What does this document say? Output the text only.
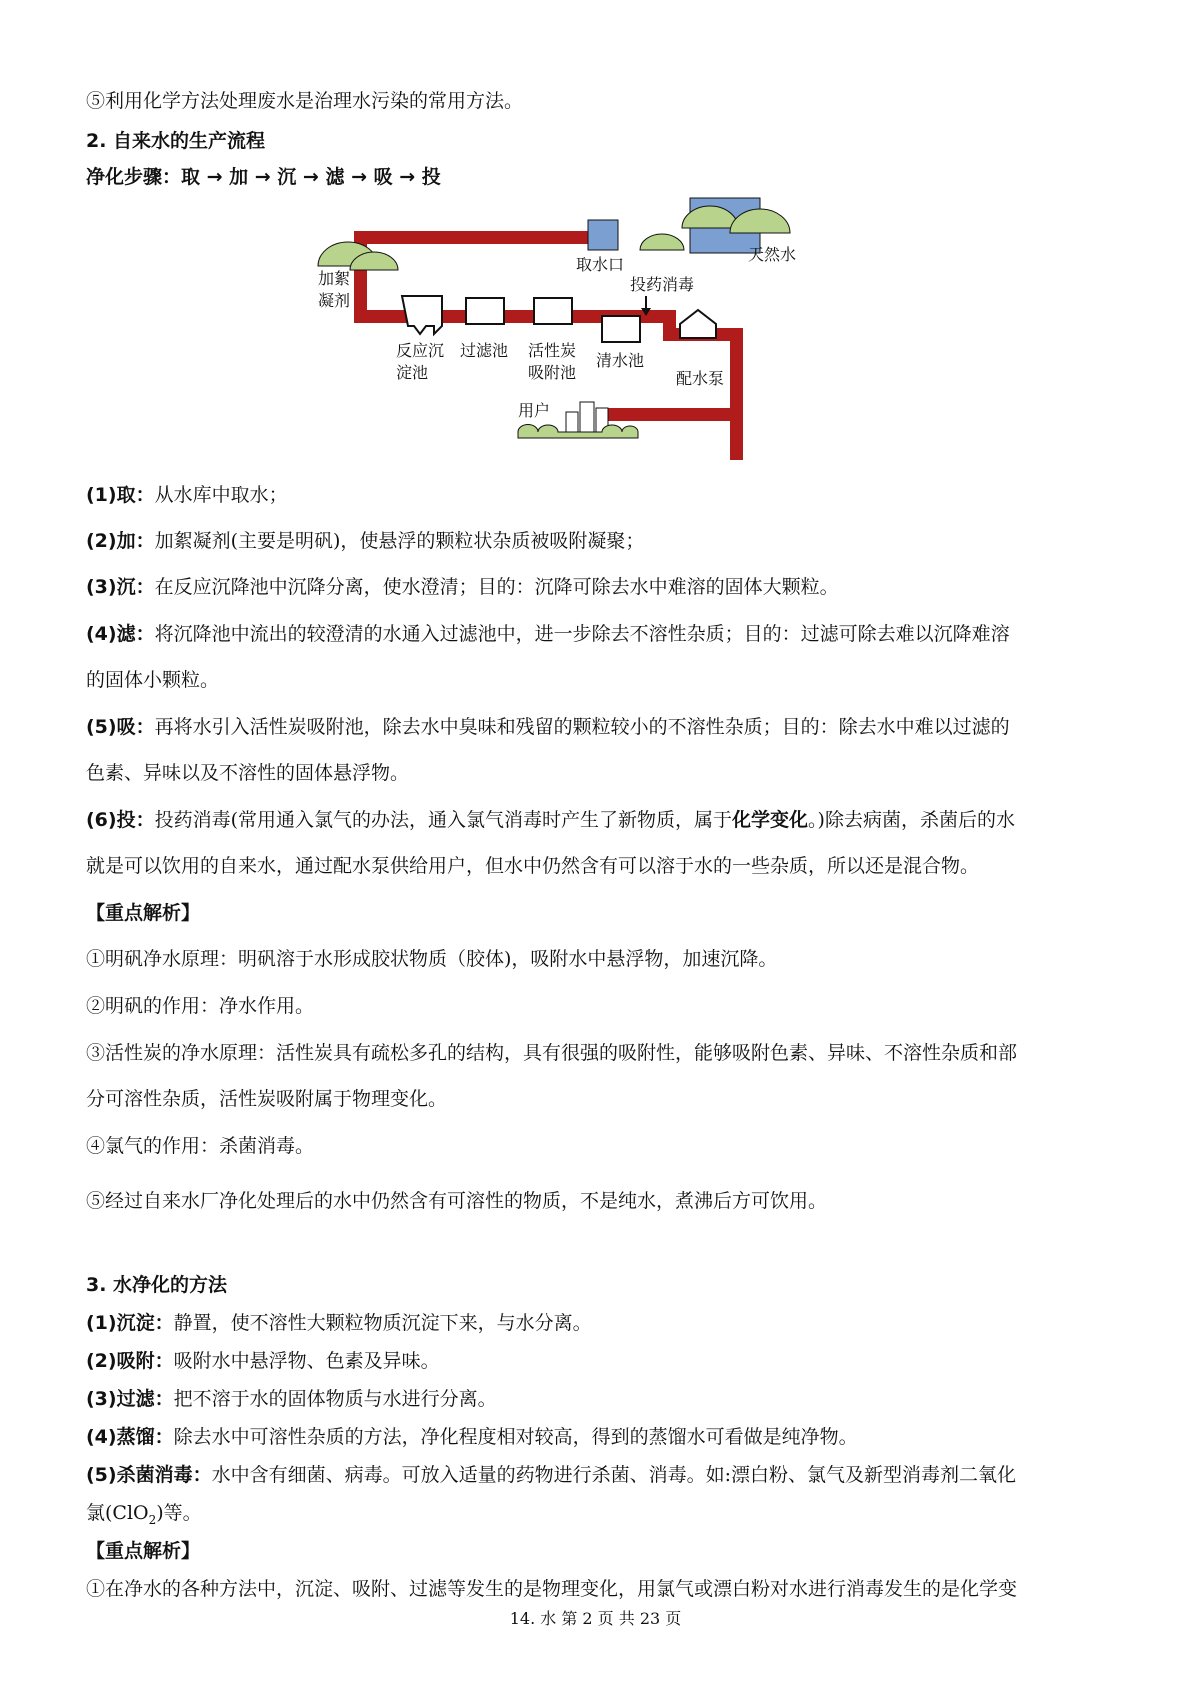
⑤利用化学方法处理废水是治理水污染的常用方法。
2. 自来水的生产流程
净化步骤：取 → 加 → 沉 → 滤 → 吸 → 投
天然水
取水口
加絮
凝剂
投药消毒
反应沉
淀池
过滤池 活性炭
吸附池
清水池
配水泵
用户
(1)取：从水库中取水；
(2)加：加絮凝剂(主要是明矾)，使悬浮的颗粒状杂质被吸附凝聚；
(3)沉：在反应沉降池中沉降分离，使水澄清；目的：沉降可除去水中难溶的固体大颗粒。
(4)滤：将沉降池中流出的较澄清的水通入过滤池中，进一步除去不溶性杂质；目的：过滤可除去难以沉降难溶
的固体小颗粒。
(5)吸：再将水引入活性炭吸附池，除去水中臭味和残留的颗粒较小的不溶性杂质；目的：除去水中难以过滤的
色素、异味以及不溶性的固体悬浮物。
(6)投：投药消毒(常用通入氯气的办法，通入氯气消毒时产生了新物质，属于化学变化。)除去病菌，杀菌后的水
就是可以饮用的自来水，通过配水泵供给用户，但水中仍然含有可以溶于水的一些杂质，所以还是混合物。
【重点解析】
①明矾净水原理：明矾溶于水形成胶状物质（胶体)，吸附水中悬浮物，加速沉降。
②明矾的作用：净水作用。
③活性炭的净水原理：活性炭具有疏松多孔的结构，具有很强的吸附性，能够吸附色素、异味、不溶性杂质和部
分可溶性杂质，活性炭吸附属于物理变化。
④氯气的作用：杀菌消毒。
⑤经过自来水厂净化处理后的水中仍然含有可溶性的物质，不是纯水，煮沸后方可饮用。
3. 水净化的方法
(1)沉淀：静置，使不溶性大颗粒物质沉淀下来，与水分离。
(2)吸附：吸附水中悬浮物、色素及异味。
(3)过滤：把不溶于水的固体物质与水进行分离。
(4)蒸馏：除去水中可溶性杂质的方法，净化程度相对较高，得到的蒸馏水可看做是纯净物。
(5)杀菌消毒：水中含有细菌、病毒。可放入适量的药物进行杀菌、消毒。如:漂白粉、氯气及新型消毒剂二氧化
氯(ClO$_2$)等。
【重点解析】
①在净水的各种方法中，沉淀、吸附、过滤等发生的是物理变化，用氯气或漂白粉对水进行消毒发生的是化学变
14. 水 第 2 页 共 23 页
